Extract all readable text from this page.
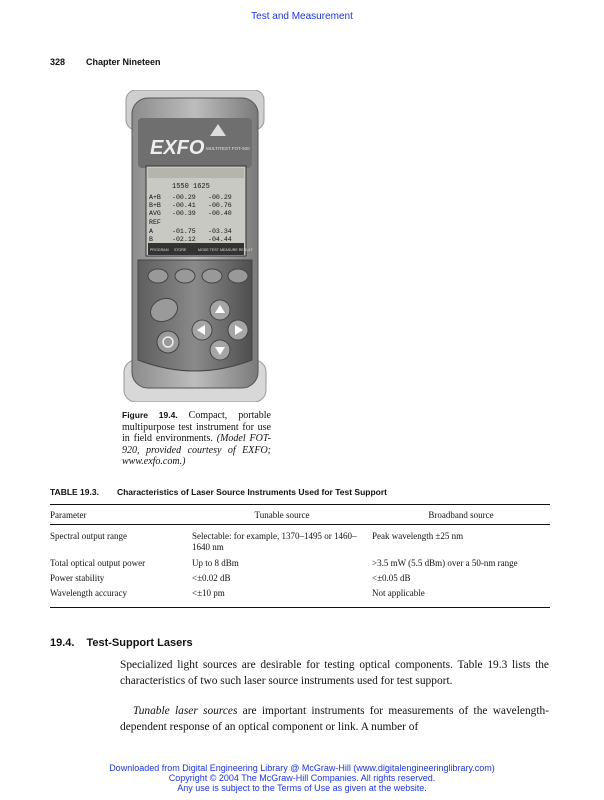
Test and Measurement
328 Chapter Nineteen
EXFO MULTITEST FOT-920
1550 1625
A+B -00.29 -00.29
B+B -00.41 -00.76
AVG -00.39 -00.40
REF
A	-01.75 -03.34
B	-02.12 -04.44
PROGRAM STORE	MODE TEST MEASURE RESULT
Figure 19.4. Compact, portable multipurpose test instrument for use in field environments. (Model FOT-920, provided courtesy of EXFO; www.exfo.com.)
TABLE 19.3. Characteristics of Laser Source Instruments Used for Test Support
Parameter	Tunable source	Broadband source
Spectral output range	Selectable: for example, 1370–1495 or 1460–1640 nm	Peak wavelength ±25 nm
Total optical output power	Up to 8 dBm	>3.5 mW (5.5 dBm) over a 50-nm range
Power stability	<±0.02 dB	<±0.05 dB
Wavelength accuracy	<±10 pm	Not applicable
19.4. Test-Support Lasers
Specialized light sources are desirable for testing optical components. Table 19.3 lists the characteristics of two such laser source instruments used for test support.
Tunable laser sources are important instruments for measurements of the wavelength-dependent response of an optical component or link. A number of
Downloaded from Digital Engineering Library @ McGraw-Hill (www.digitalengineeringlibrary.com)
Copyright © 2004 The McGraw-Hill Companies. All rights reserved.
Any use is subject to the Terms of Use as given at the website.
